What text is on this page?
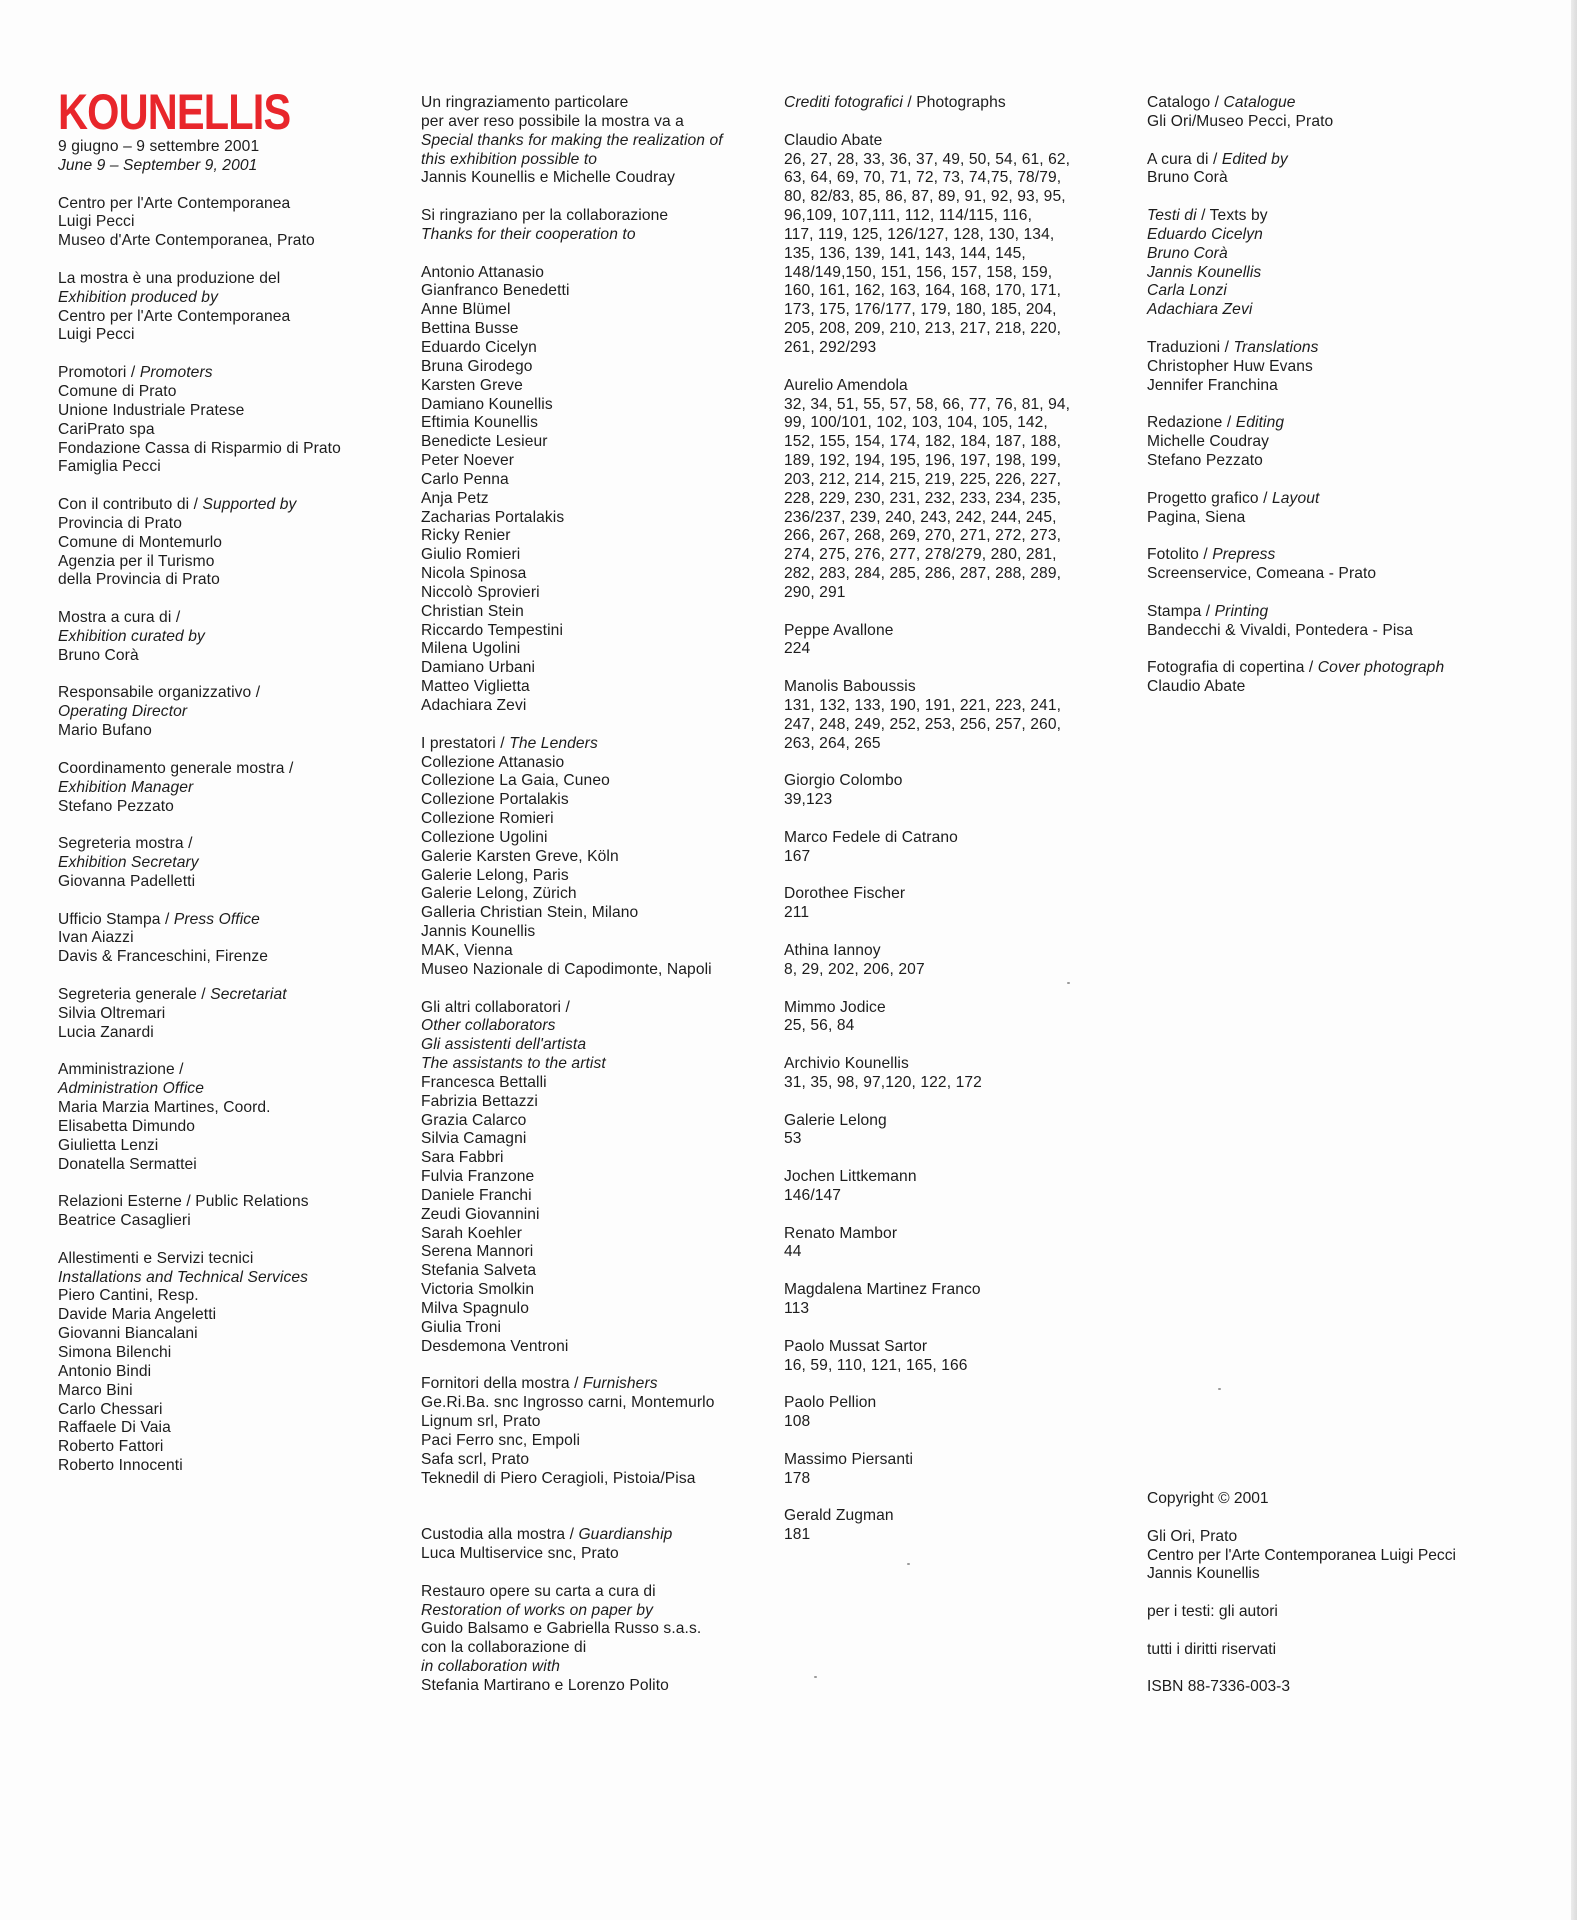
KOUNELLIS
9 giugno – 9 settembre 2001
June 9 – September 9, 2001
Centro per l'Arte Contemporanea
Luigi Pecci
Museo d'Arte Contemporanea, Prato
La mostra è una produzione del
Exhibition produced by
Centro per l'Arte Contemporanea
Luigi Pecci
Promotori / Promoters
Comune di Prato
Unione Industriale Pratese
CariPrato spa
Fondazione Cassa di Risparmio di Prato
Famiglia Pecci
Con il contributo di / Supported by
Provincia di Prato
Comune di Montemurlo
Agenzia per il Turismo
della Provincia di Prato
Mostra a cura di /
Exhibition curated by
Bruno Corà
Responsabile organizzativo /
Operating Director
Mario Bufano
Coordinamento generale mostra /
Exhibition Manager
Stefano Pezzato
Segreteria mostra /
Exhibition Secretary
Giovanna Padelletti
Ufficio Stampa / Press Office
Ivan Aiazzi
Davis & Franceschini, Firenze
Segreteria generale / Secretariat
Silvia Oltremari
Lucia Zanardi
Amministrazione /
Administration Office
Maria Marzia Martines, Coord.
Elisabetta Dimundo
Giulietta Lenzi
Donatella Sermattei
Relazioni Esterne / Public Relations
Beatrice Casaglieri
Allestimenti e Servizi tecnici
Installations and Technical Services
Piero Cantini, Resp.
Davide Maria Angeletti
Giovanni Biancalani
Simona Bilenchi
Antonio Bindi
Marco Bini
Carlo Chessari
Raffaele Di Vaia
Roberto Fattori
Roberto Innocenti
Un ringraziamento particolare
per aver reso possibile la mostra va a
Special thanks for making the realization of
this exhibition possible to
Jannis Kounellis e Michelle Coudray
Si ringraziano per la collaborazione
Thanks for their cooperation to
Antonio Attanasio
Gianfranco Benedetti
Anne Blümel
Bettina Busse
Eduardo Cicelyn
Bruna Girodego
Karsten Greve
Damiano Kounellis
Eftimia Kounellis
Benedicte Lesieur
Peter Noever
Carlo Penna
Anja Petz
Zacharias Portalakis
Ricky Renier
Giulio Romieri
Nicola Spinosa
Niccolò Sprovieri
Christian Stein
Riccardo Tempestini
Milena Ugolini
Damiano Urbani
Matteo Viglietta
Adachiara Zevi
I prestatori / The Lenders
Collezione Attanasio
Collezione La Gaia, Cuneo
Collezione Portalakis
Collezione Romieri
Collezione Ugolini
Galerie Karsten Greve, Köln
Galerie Lelong, Paris
Galerie Lelong, Zürich
Galleria Christian Stein, Milano
Jannis Kounellis
MAK, Vienna
Museo Nazionale di Capodimonte, Napoli
Gli altri collaboratori /
Other collaborators
Gli assistenti dell'artista
The assistants to the artist
Francesca Bettalli
Fabrizia Bettazzi
Grazia Calarco
Silvia Camagni
Sara Fabbri
Fulvia Franzone
Daniele Franchi
Zeudi Giovannini
Sarah Koehler
Serena Mannori
Stefania Salveta
Victoria Smolkin
Milva Spagnulo
Giulia Troni
Desdemona Ventroni
Fornitori della mostra / Furnishers
Ge.Ri.Ba. snc Ingrosso carni, Montemurlo
Lignum srl, Prato
Paci Ferro snc, Empoli
Safa scrl, Prato
Teknedil di Piero Ceragioli, Pistoia/Pisa
Custodia alla mostra / Guardianship
Luca Multiservice snc, Prato
Restauro opere su carta a cura di
Restoration of works on paper by
Guido Balsamo e Gabriella Russo s.a.s.
con la collaborazione di
in collaboration with
Stefania Martirano e Lorenzo Polito
Crediti fotografici / Photographs
Claudio Abate
26, 27, 28, 33, 36, 37, 49, 50, 54, 61, 62,
63, 64, 69, 70, 71, 72, 73, 74,75, 78/79,
80, 82/83, 85, 86, 87, 89, 91, 92, 93, 95,
96,109, 107,111, 112, 114/115, 116,
117, 119, 125, 126/127, 128, 130, 134,
135, 136, 139, 141, 143, 144, 145,
148/149,150, 151, 156, 157, 158, 159,
160, 161, 162, 163, 164, 168, 170, 171,
173, 175, 176/177, 179, 180, 185, 204,
205, 208, 209, 210, 213, 217, 218, 220,
261, 292/293
Aurelio Amendola
32, 34, 51, 55, 57, 58, 66, 77, 76, 81, 94,
99, 100/101, 102, 103, 104, 105, 142,
152, 155, 154, 174, 182, 184, 187, 188,
189, 192, 194, 195, 196, 197, 198, 199,
203, 212, 214, 215, 219, 225, 226, 227,
228, 229, 230, 231, 232, 233, 234, 235,
236/237, 239, 240, 243, 242, 244, 245,
266, 267, 268, 269, 270, 271, 272, 273,
274, 275, 276, 277, 278/279, 280, 281,
282, 283, 284, 285, 286, 287, 288, 289,
290, 291
Peppe Avallone
224
Manolis Baboussis
131, 132, 133, 190, 191, 221, 223, 241,
247, 248, 249, 252, 253, 256, 257, 260,
263, 264, 265
Giorgio Colombo
39,123
Marco Fedele di Catrano
167
Dorothee Fischer
211
Athina Iannoy
8, 29, 202, 206, 207
Mimmo Jodice
25, 56, 84
Archivio Kounellis
31, 35, 98, 97,120, 122, 172
Galerie Lelong
53
Jochen Littkemann
146/147
Renato Mambor
44
Magdalena Martinez Franco
113
Paolo Mussat Sartor
16, 59, 110, 121, 165, 166
Paolo Pellion
108
Massimo Piersanti
178
Gerald Zugman
181
Catalogo / Catalogue
Gli Ori/Museo Pecci, Prato
A cura di / Edited by
Bruno Corà
Testi di / Texts by
Eduardo Cicelyn
Bruno Corà
Jannis Kounellis
Carla Lonzi
Adachiara Zevi
Traduzioni / Translations
Christopher Huw Evans
Jennifer Franchina
Redazione / Editing
Michelle Coudray
Stefano Pezzato
Progetto grafico / Layout
Pagina, Siena
Fotolito / Prepress
Screenservice, Comeana - Prato
Stampa / Printing
Bandecchi & Vivaldi, Pontedera - Pisa
Fotografia di copertina / Cover photograph
Claudio Abate
Copyright © 2001
Gli Ori, Prato
Centro per l'Arte Contemporanea Luigi Pecci
Jannis Kounellis
per i testi: gli autori
tutti i diritti riservati
ISBN 88-7336-003-3
